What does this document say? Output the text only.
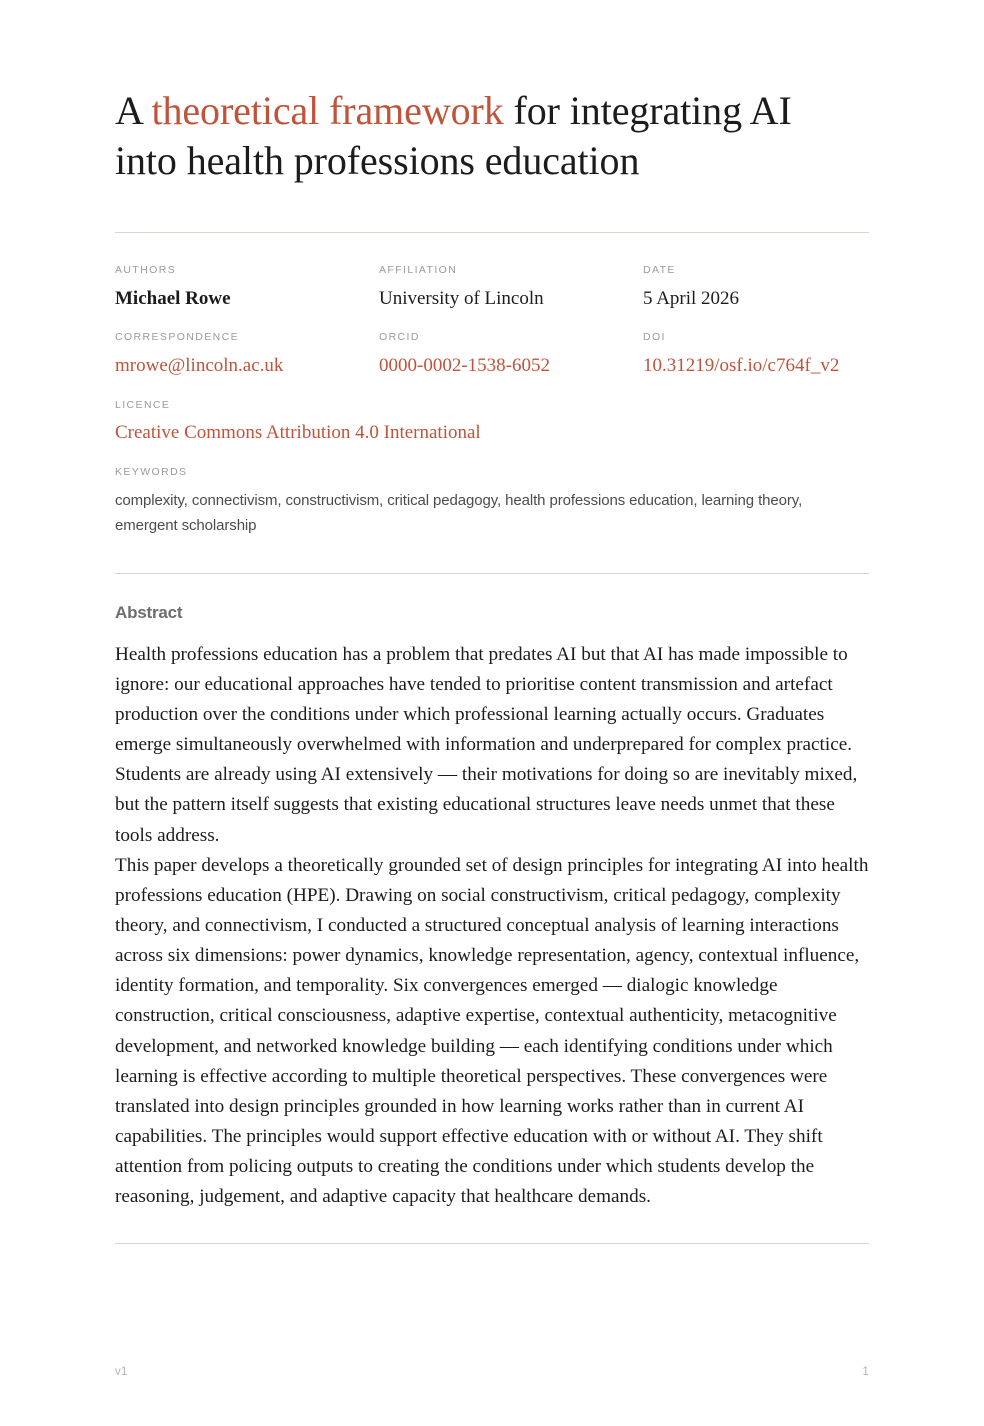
A theoretical framework for integrating AI into health professions education
AUTHORS
Michael Rowe
AFFILIATION
University of Lincoln
DATE
5 April 2026
CORRESPONDENCE
mrowe@lincoln.ac.uk
ORCID
0000-0002-1538-6052
DOI
10.31219/osf.io/c764f_v2
LICENCE
Creative Commons Attribution 4.0 International
KEYWORDS
complexity, connectivism, constructivism, critical pedagogy, health professions education, learning theory, emergent scholarship
Abstract

Health professions education has a problem that predates AI but that AI has made impossible to ignore: our educational approaches have tended to prioritise content transmission and artefact production over the conditions under which professional learning actually occurs. Graduates emerge simultaneously overwhelmed with information and underprepared for complex practice. Students are already using AI extensively — their motivations for doing so are inevitably mixed, but the pattern itself suggests that existing educational structures leave needs unmet that these tools address.

This paper develops a theoretically grounded set of design principles for integrating AI into health professions education (HPE). Drawing on social constructivism, critical pedagogy, complexity theory, and connectivism, I conducted a structured conceptual analysis of learning interactions across six dimensions: power dynamics, knowledge representation, agency, contextual influence, identity formation, and temporality. Six convergences emerged — dialogic knowledge construction, critical consciousness, adaptive expertise, contextual authenticity, metacognitive development, and networked knowledge building — each identifying conditions under which learning is effective according to multiple theoretical perspectives. These convergences were translated into design principles grounded in how learning works rather than in current AI capabilities. The principles would support effective education with or without AI. They shift attention from policing outputs to creating the conditions under which students develop the reasoning, judgement, and adaptive capacity that healthcare demands.

v1	1
